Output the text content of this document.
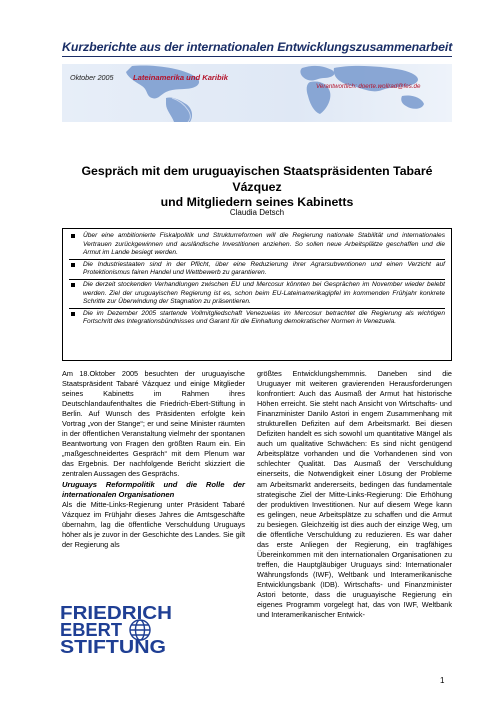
Kurzberichte aus der internationalen Entwicklungszusammenarbeit
Oktober 2005	Lateinamerika und Karibik
Verantwortlich: doerte.wollrad@fes.de
Gespräch mit dem uruguayischen Staatspräsidenten Tabaré Vázquez
und Mitgliedern seines Kabinetts
Claudia Detsch
Über eine ambitionierte Fiskalpolitik und Strukturreformen will die Regierung nationale Stabilität und internationales Vertrauen zurückgewinnen und ausländische Investitionen anziehen. So sollen neue Arbeitsplätze geschaffen und die Armut im Lande besiegt werden.
Die Industriestaaten sind in der Pflicht, über eine Reduzierung ihrer Agrarsubventionen und einen Verzicht auf Protektionismus fairen Handel und Wettbewerb zu garantieren.
Die derzeit stockenden Verhandlungen zwischen EU und Mercosur könnten bei Gesprächen im November wieder belebt werden. Ziel der uruguayischen Regierung ist es, schon beim EU-Lateinamerikagipfel im kommenden Frühjahr konkrete Schritte zur Überwindung der Stagnation zu präsentieren.
Die im Dezember 2005 startende Vollmitgliedschaft Venezuelas im Mercosur betrachtet die Regierung als wichtigen Fortschritt des Integrationsbündnisses und Garant für die Einhaltung demokratischer Normen in Venezuela.

Am 18.Oktober 2005 besuchten der uruguayische Staatspräsident Tabaré Vázquez und einige Mitglieder seines Kabinetts im Rahmen ihres Deutschlandaufenthaltes die Friedrich-Ebert-Stiftung in Berlin. Auf Wunsch des Präsidenten erfolgte kein Vortrag „von der Stange“; er und seine Minister räumten in der öffentlichen Veranstaltung vielmehr der spontanen Beantwortung von Fragen den größten Raum ein. Ein „maßgeschneidertes Gespräch“ mit dem Plenum war das Ergebnis. Der nachfolgende Bericht skizziert die zentralen Aussagen des Gesprächs.

Uruguays Reformpolitik und die Rolle der internationalen Organisationen

Als die Mitte-Links-Regierung unter Präsident Tabaré Vázquez im Frühjahr dieses Jahres die Amtsgeschäfte übernahm, lag die öffentliche Verschuldung Uruguays höher als je zuvor in der Geschichte des Landes. Sie gilt der Regierung als

größtes Entwicklungshemmnis. Daneben sind die Uruguayer mit weiteren gravierenden Herausforderungen konfrontiert: Auch das Ausmaß der Armut hat historische Höhen erreicht. Sie steht nach Ansicht von Wirtschafts- und Finanzminister Danilo Astori in engem Zusammenhang mit strukturellen Defiziten auf dem Arbeitsmarkt. Bei diesen Defiziten handelt es sich sowohl um quantitative Mängel als auch um qualitative Schwächen: Es sind nicht genügend Arbeitsplätze vorhanden und die Vorhandenen sind von schlechter Qualität. Das Ausmaß der Verschuldung einerseits, die Notwendigkeit einer Lösung der Probleme am Arbeitsmarkt andererseits, bedingen das fundamentale strategische Ziel der Mitte-Links-Regierung: Die Erhöhung der produktiven Investitionen. Nur auf diesem Wege kann es gelingen, neue Arbeitsplätze zu schaffen und die Armut zu besiegen. Gleichzeitig ist dies auch der einzige Weg, um die öffentliche Verschuldung zu reduzieren. Es war daher das erste Anliegen der Regierung, ein tragfähiges Übereinkommen mit den internationalen Organisationen zu treffen, die Hauptgläubiger Uruguays sind: Internationaler Währungsfonds (IWF), Weltbank und Interamerikanische Entwicklungsbank (IDB). Wirtschafts- und Finanzminister Astori betonte, dass die uruguayische Regierung ein eigenes Programm vorgelegt hat, das von IWF, Weltbank und Interamerikanischer Entwick-

FRIEDRICH
EBERT
STIFTUNG
1
